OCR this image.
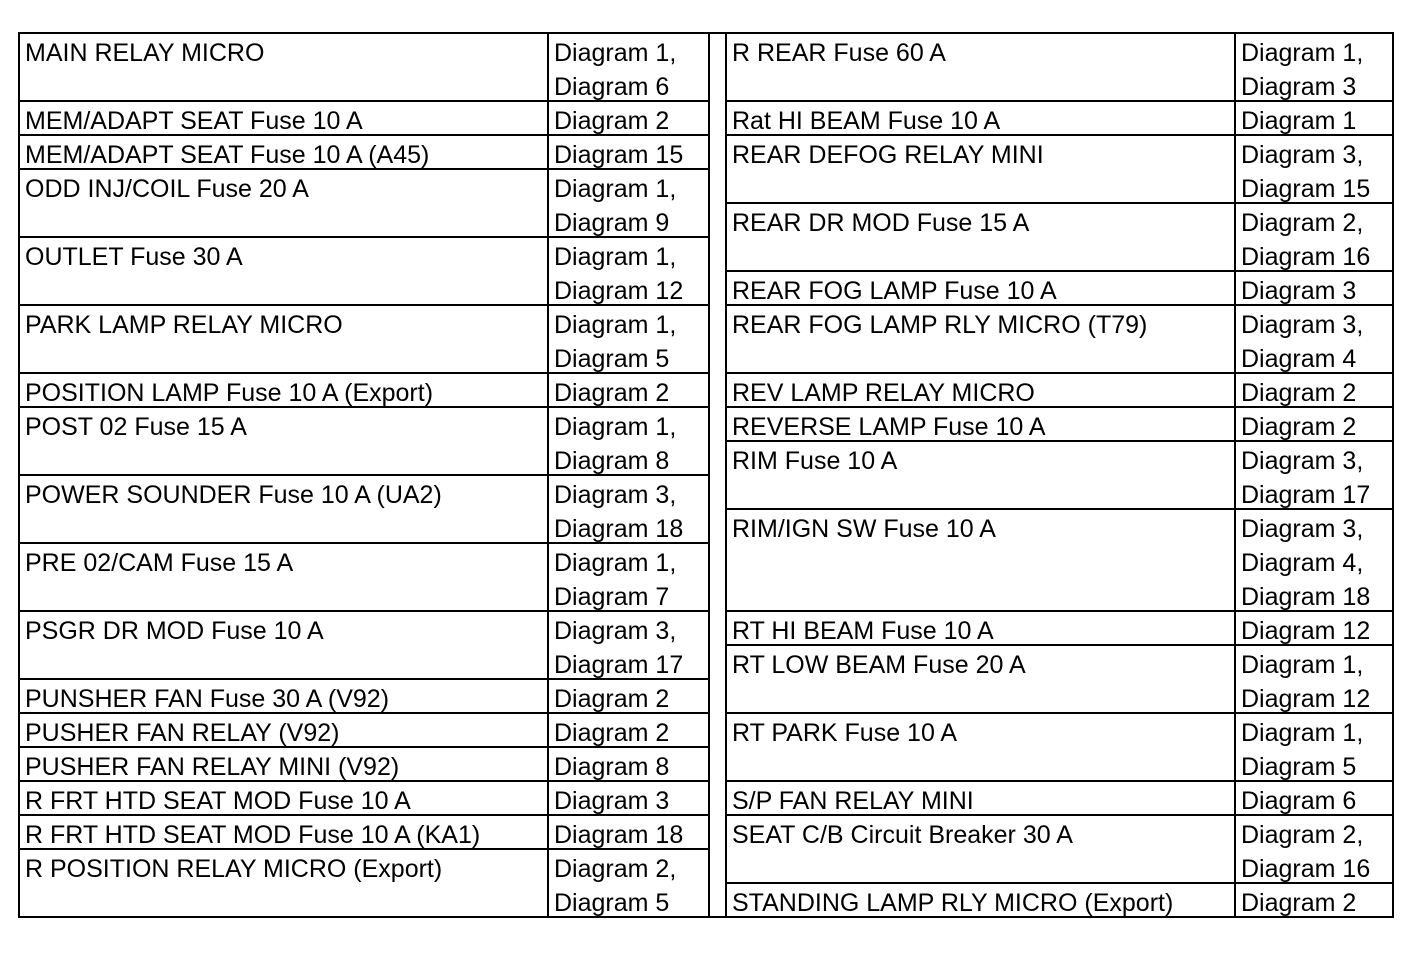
MAIN RELAY MICRO	Diagram 1,
Diagram 6
MEM/ADAPT SEAT Fuse 10 A	Diagram 2
MEM/ADAPT SEAT Fuse 10 A (A45)	Diagram 15
ODD INJ/COIL Fuse 20 A	Diagram 1,
Diagram 9
OUTLET Fuse 30 A	Diagram 1,
Diagram 12
PARK LAMP RELAY MICRO	Diagram 1,
Diagram 5
POSITION LAMP Fuse 10 A (Export)	Diagram 2
POST 02 Fuse 15 A	Diagram 1,
Diagram 8
POWER SOUNDER Fuse 10 A (UA2)	Diagram 3,
Diagram 18
PRE 02/CAM Fuse 15 A	Diagram 1,
Diagram 7
PSGR DR MOD Fuse 10 A	Diagram 3,
Diagram 17
PUNSHER FAN Fuse 30 A (V92)	Diagram 2
PUSHER FAN RELAY (V92)	Diagram 2
PUSHER FAN RELAY MINI (V92)	Diagram 8
R FRT HTD SEAT MOD Fuse 10 A	Diagram 3
R FRT HTD SEAT MOD Fuse 10 A (KA1)	Diagram 18
R POSITION RELAY MICRO (Export)	Diagram 2,
Diagram 5
R REAR Fuse 60 A	Diagram 1,
Diagram 3
Rat HI BEAM Fuse 10 A	Diagram 1
REAR DEFOG RELAY MINI	Diagram 3,
Diagram 15
REAR DR MOD Fuse 15 A	Diagram 2,
Diagram 16
REAR FOG LAMP Fuse 10 A	Diagram 3
REAR FOG LAMP RLY MICRO (T79)	Diagram 3,
Diagram 4
REV LAMP RELAY MICRO	Diagram 2
REVERSE LAMP Fuse 10 A	Diagram 2
RIM Fuse 10 A	Diagram 3,
Diagram 17
RIM/IGN SW Fuse 10 A	Diagram 3,
Diagram 4,
Diagram 18
RT HI BEAM Fuse 10 A	Diagram 12
RT LOW BEAM Fuse 20 A	Diagram 1,
Diagram 12
RT PARK Fuse 10 A	Diagram 1,
Diagram 5
S/P FAN RELAY MINI	Diagram 6
SEAT C/B Circuit Breaker 30 A	Diagram 2,
Diagram 16
STANDING LAMP RLY MICRO (Export)	Diagram 2
